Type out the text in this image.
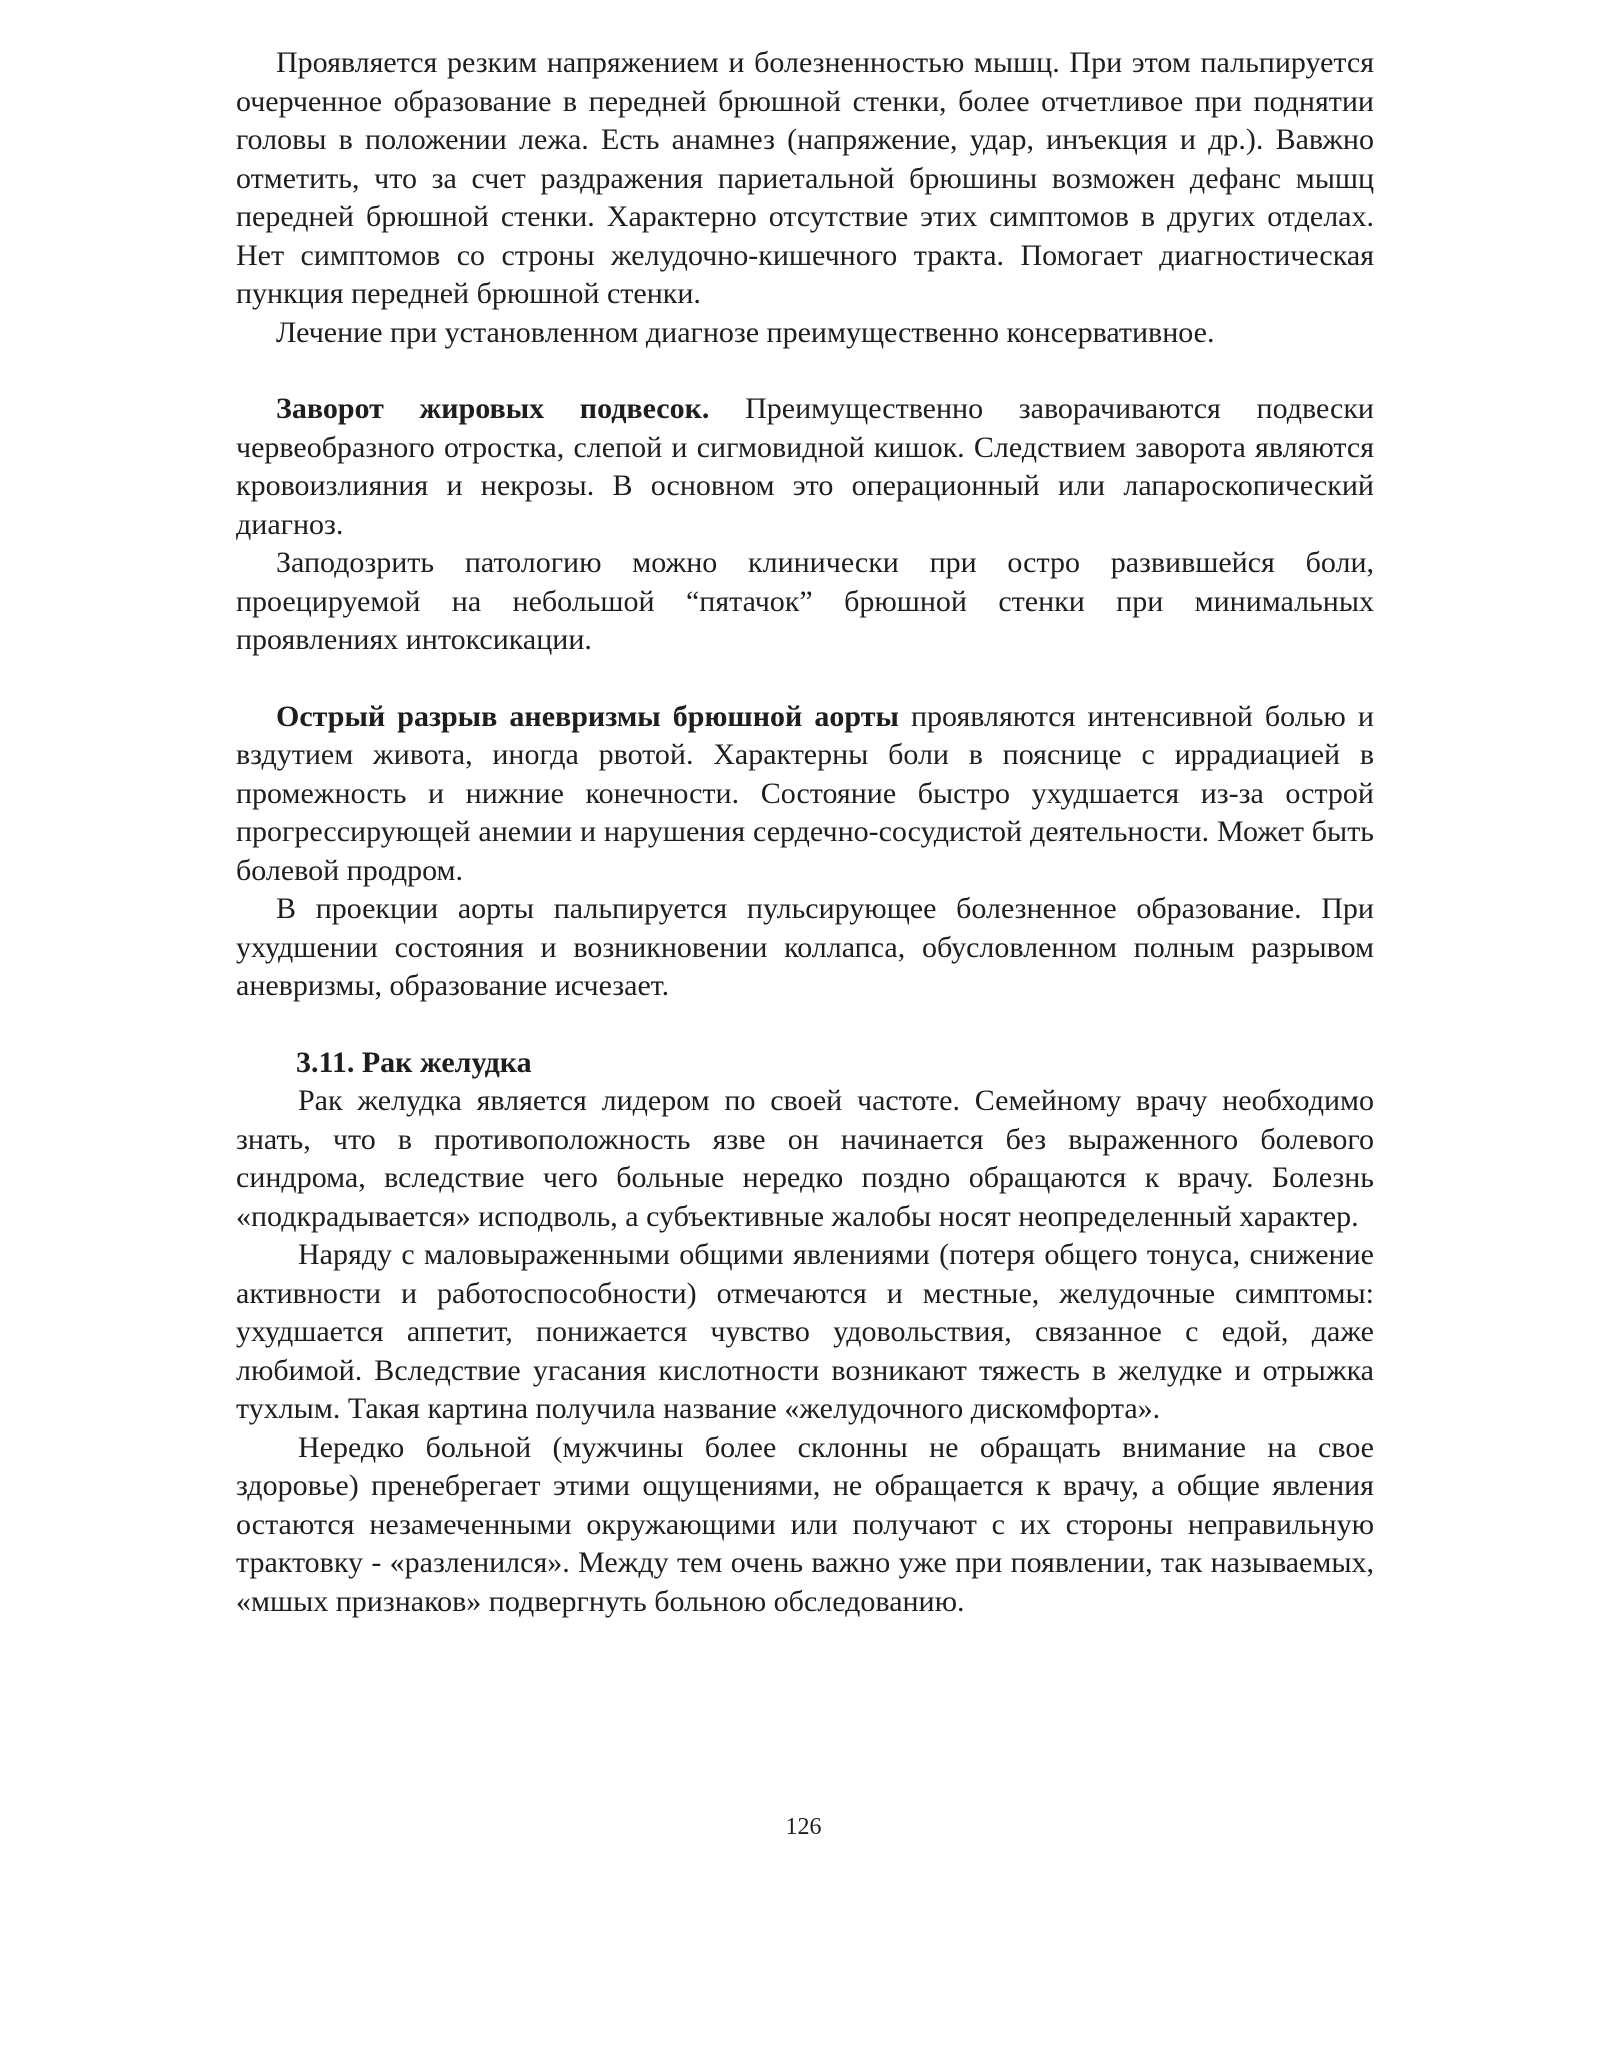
Проявляется резким напряжением и болезненностью мышц. При этом пальпируется очерченное образование в передней брюшной стенки, более отчетливое при поднятии головы в положении лежа. Есть анамнез (напряжение, удар, инъекция и др.). Вавжно отметить, что за счет раздражения париетальной брюшины возможен дефанс мышц передней брюшной стенки. Характерно отсутствие этих симптомов в других отделах. Нет симптомов со строны желудочно-кишечного тракта. Помогает диагностическая пункция передней брюшной стенки.

Лечение при установленном диагнозе преимущественно консервативное.

Заворот жировых подвесок. Преимущественно заворачиваются подвески червеобразного отростка, слепой и сигмовидной кишок. Следствием заворота являются кровоизлияния и некрозы. В основном это операционный или лапароскопический диагноз.

Заподозрить патологию можно клинически при остро развившейся боли, проецируемой на небольшой “пятачок” брюшной стенки при минимальных проявлениях интоксикации.

Острый разрыв аневризмы брюшной аорты проявляются интенсивной болью и вздутием живота, иногда рвотой. Характерны боли в пояснице с иррадиацией в промежность и нижние конечности. Состояние быстро ухудшается из-за острой прогрессирующей анемии и нарушения сердечно-сосудистой деятельности. Может быть болевой продром.

В проекции аорты пальпируется пульсирующее болезненное образование. При ухудшении состояния и возникновении коллапса, обусловленном полным разрывом аневризмы, образование исчезает.

3.11. Рак желудка

Рак желудка является лидером по своей частоте. Семейному врачу необходимо знать, что в противоположность язве он начинается без выраженного болевого синдрома, вследствие чего больные нередко поздно обращаются к врачу. Болезнь «подкрадывается» исподволь, а субъективные жалобы носят неопределенный характер.

Наряду с маловыраженными общими явлениями (потеря общего тонуса, снижение активности и работоспособности) отмечаются и местные, желудочные симптомы: ухудшается аппетит, понижается чувство удовольствия, связанное с едой, даже любимой. Вследствие угасания кислотности возникают тяжесть в желудке и отрыжка тухлым. Такая картина получила название «желудочного дискомфорта».

Нередко больной (мужчины более склонны не обращать внимание на свое здоровье) пренебрегает этими ощущениями, не обращается к врачу, а общие явления остаются незамеченными окружающими или получают с их стороны неправильную трактовку - «разленился». Между тем очень важно уже при появлении, так называемых, «мшых признаков» подвергнуть больною обследованию.

126
